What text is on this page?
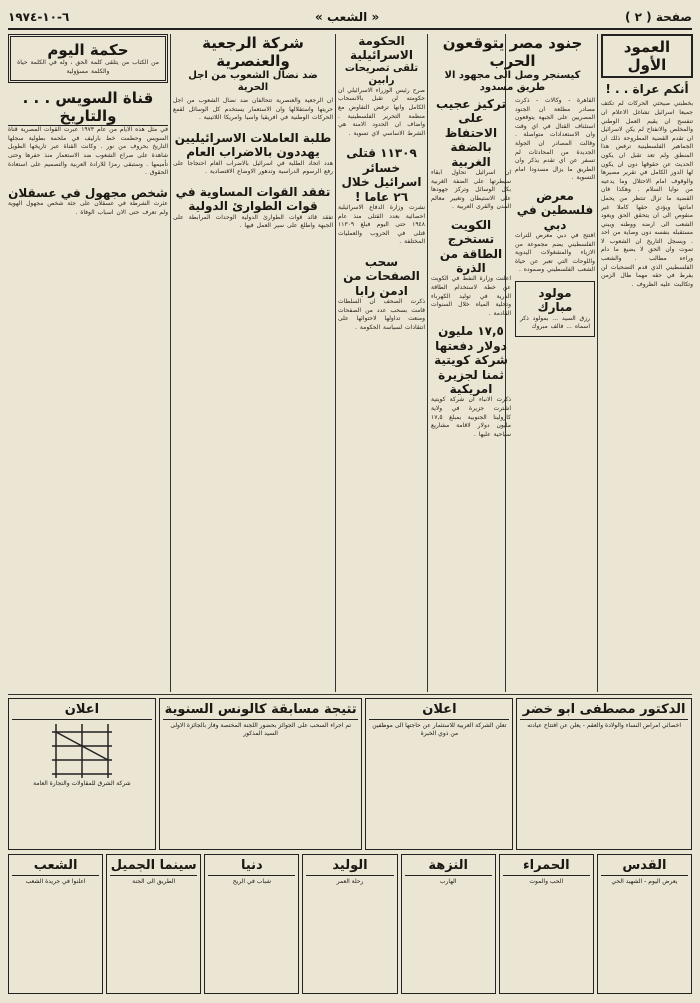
صفحة ( ٢ )
« الشعب »
٦-١٠-١٩٧٤
العمود الأول
أنكم عراة . . !
بخطبتي صيحتي الحركات لم تكتف جميعا اسرائيل تشاغل الاعلام ان تنفسح ان يقيم العمل الوطني والمخلص والانفتاح لم يكن لاسرائيل ان تقدم القضية المطروحة ذلك ان الجماهير الفلسطينية ترفض هذا المنطق ولم تعد تقبل ان يكون الحديث عن حقوقها دون ان يكون لها الدور الكامل في تقرير مصيرها والوقوف امام الاحتلال وما يدعيه من نوايا السلام . وهكذا فان القضية ما تزال تنتظر من يحمل امانتها ويؤدي حقها كاملا غير منقوص الى ان يتحقق الحق ويعود الشعب الى ارضه ووطنه ويبني مستقبله بنفسه دون وصاية من احد . ويسجل التاريخ ان الشعوب لا تموت وان الحق لا يضيع ما دام وراءه مطالب . والشعب الفلسطيني الذي قدم التضحيات لن يفرط في حقه مهما طال الزمن وتكالبت عليه الظروف .
جنود مصر يتوقعون الحرب
كيسنجر وصل الى مجهود الا طريق مسدود
القاهرة - وكالات - ذكرت مصادر مطلعة ان الجنود المصريين على الجبهة يتوقعون استئناف القتال في اي وقت وان الاستعدادات متواصلة . وقالت المصادر ان الجولة الجديدة من المحادثات لم تسفر عن اي تقدم يذكر وان الطريق ما يزال مسدودا امام التسوية .
معرض فلسطين في دبي
افتتح في دبي معرض للتراث الفلسطيني يضم مجموعة من الازياء والمشغولات اليدوية واللوحات التي تعبر عن حياة الشعب الفلسطيني وصموده .
مولود مبارك
رزق السيد ... بمولود ذكر اسماه ... فالف مبروك
تركيز عجيب على الاحتفاظ بالضفة الغربية
ان اسرائيل تحاول ابقاء سيطرتها على الضفة الغربية بكل الوسائل وتركز جهودها على الاستيطان وتغيير معالم المدن والقرى العربية .
الكويت تستخرج الطاقة من الذرة
اعلنت وزارة النفط في الكويت عن خطة لاستخدام الطاقة الذرية في توليد الكهرباء وتحلية المياه خلال السنوات القادمة .
١٧,٥ مليون دولار دفعتها شركة كويتية ثمنا لجزيرة امريكية
ذكرت الانباء ان شركة كويتية اشترت جزيرة في ولاية كارولينا الجنوبية بمبلغ ١٧,٥ مليون دولار لاقامة مشاريع سياحية عليها .
الحكومة الاسرائيلية
تلقى تصريحات رابين
صرح رئيس الوزراء الاسرائيلي ان حكومته لن تقبل بالانسحاب الكامل وانها ترفض التفاوض مع منظمة التحرير الفلسطينية . واضاف ان الحدود الامنة هي الشرط الاساسي لاي تسوية .
١١٣٠٩ قتلى خسائر اسرائيل خلال ٢٦ عاما !
نشرت وزارة الدفاع الاسرائيلية احصائية بعدد القتلى منذ عام ١٩٤٨ حتى اليوم فبلغ ١١٣٠٩ قتلى في الحروب والعمليات المختلفة .
سحب الصفحات من ادمن رابا
ذكرت الصحف ان السلطات قامت بسحب عدد من الصفحات ومنعت تداولها لاحتوائها على انتقادات لسياسة الحكومة .
شركة الرجعية والعنصرية
ضد نضال الشعوب من اجل الحرية
ان الرجعية والعنصرية تتحالفان ضد نضال الشعوب من اجل حريتها واستقلالها وان الاستعمار يستخدم كل الوسائل لقمع الحركات الوطنية في افريقيا واسيا وامريكا اللاتينية .
طلبة العاملات الاسرائيليين يهددون بالاضراب العام
هدد اتحاد الطلبة في اسرائيل بالاضراب العام احتجاجا على رفع الرسوم الدراسية وتدهور الاوضاع الاقتصادية .
تفقد القوات المساوية في قوات الطوارئ الدولية
تفقد قائد قوات الطوارئ الدولية الوحدات المرابطة على الجبهة واطلع على سير العمل فيها .
حكمة اليوم
من الكتاب من يتلقى كلمة الحق ، وله في الكلمة حياة والكلمة مسؤولية
قناة السويس . . . والتاريخ
في مثل هذه الايام من عام ١٩٧٣ عبرت القوات المصرية قناة السويس وحطمت خط بارليف في ملحمة بطولية سجلها التاريخ بحروف من نور . وكانت القناة عبر تاريخها الطويل شاهدة على صراع الشعوب ضد الاستعمار منذ حفرها وحتى تأميمها . وستبقى رمزا للارادة العربية والتصميم على استعادة الحقوق .
شخص مجهول في عسقلان
عثرت الشرطة في عسقلان على جثة شخص مجهول الهوية ولم تعرف حتى الان اسباب الوفاة .
الدكتور مصطفى ابو خضر
اخصائي امراض النساء والولادة والعقم - يعلن عن افتتاح عيادته
اعلان
تعلن الشركة العربية للاستثمار عن حاجتها الى موظفين من ذوي الخبرة
تتيجة مسابقة كالونس السنوية
تم اجراء السحب على الجوائز بحضور اللجنة المختصة وفاز بالجائزة الاولى السيد المذكور
اعلان
شركة الشرق للمقاولات والتجارة العامة
القدس
يعرض اليوم - الشهيد الحي
الحمراء
الحب والموت
النزهة
الهارب
الوليد
رحلة العمر
دنيا
شباب في الريح
سينما الجميل
الطريق الى الجنة
الشعب
اعلنوا في جريدة الشعب
